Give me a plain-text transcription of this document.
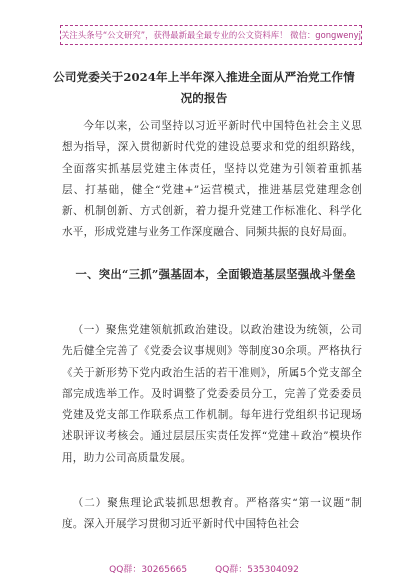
关注头条号“公文研究”，获得最新最全最专业的公文资料库！ 微信：gongwenyj
公司党委关于2024年上半年深入推进全面从严治党工作情
况的报告
今年以来，公司坚持以习近平新时代中国特色社会主义思想为指导，深入贯彻新时代党的建设总要求和党的组织路线，全面落实抓基层党建主体责任，坚持以党建为引领着重抓基层、打基础，健全“党建+”运营模式，推进基层党建理念创新、机制创新、方式创新，着力提升党建工作标准化、科学化水平，形成党建与业务工作深度融合、同频共振的良好局面。
一、突出“三抓”强基固本，全面锻造基层坚强战斗堡垒
（一）聚焦党建领航抓政治建设。以政治建设为统领，公司先后健全完善了《党委会议事规则》等制度30余项。严格执行《关于新形势下党内政治生活的若干准则》，所属5个党支部全部完成选举工作。及时调整了党委委员分工，完善了党委委员党建及党支部工作联系点工作机制。每年进行党组织书记现场述职评议考核会。通过层层压实责任发挥“党建＋政治”模块作用，助力公司高质量发展。
（二）聚焦理论武装抓思想教育。严格落实“第一议题”制度。深入开展学习贯彻习近平新时代中国特色社会
QQ群：30265665	QQ群：535304092
